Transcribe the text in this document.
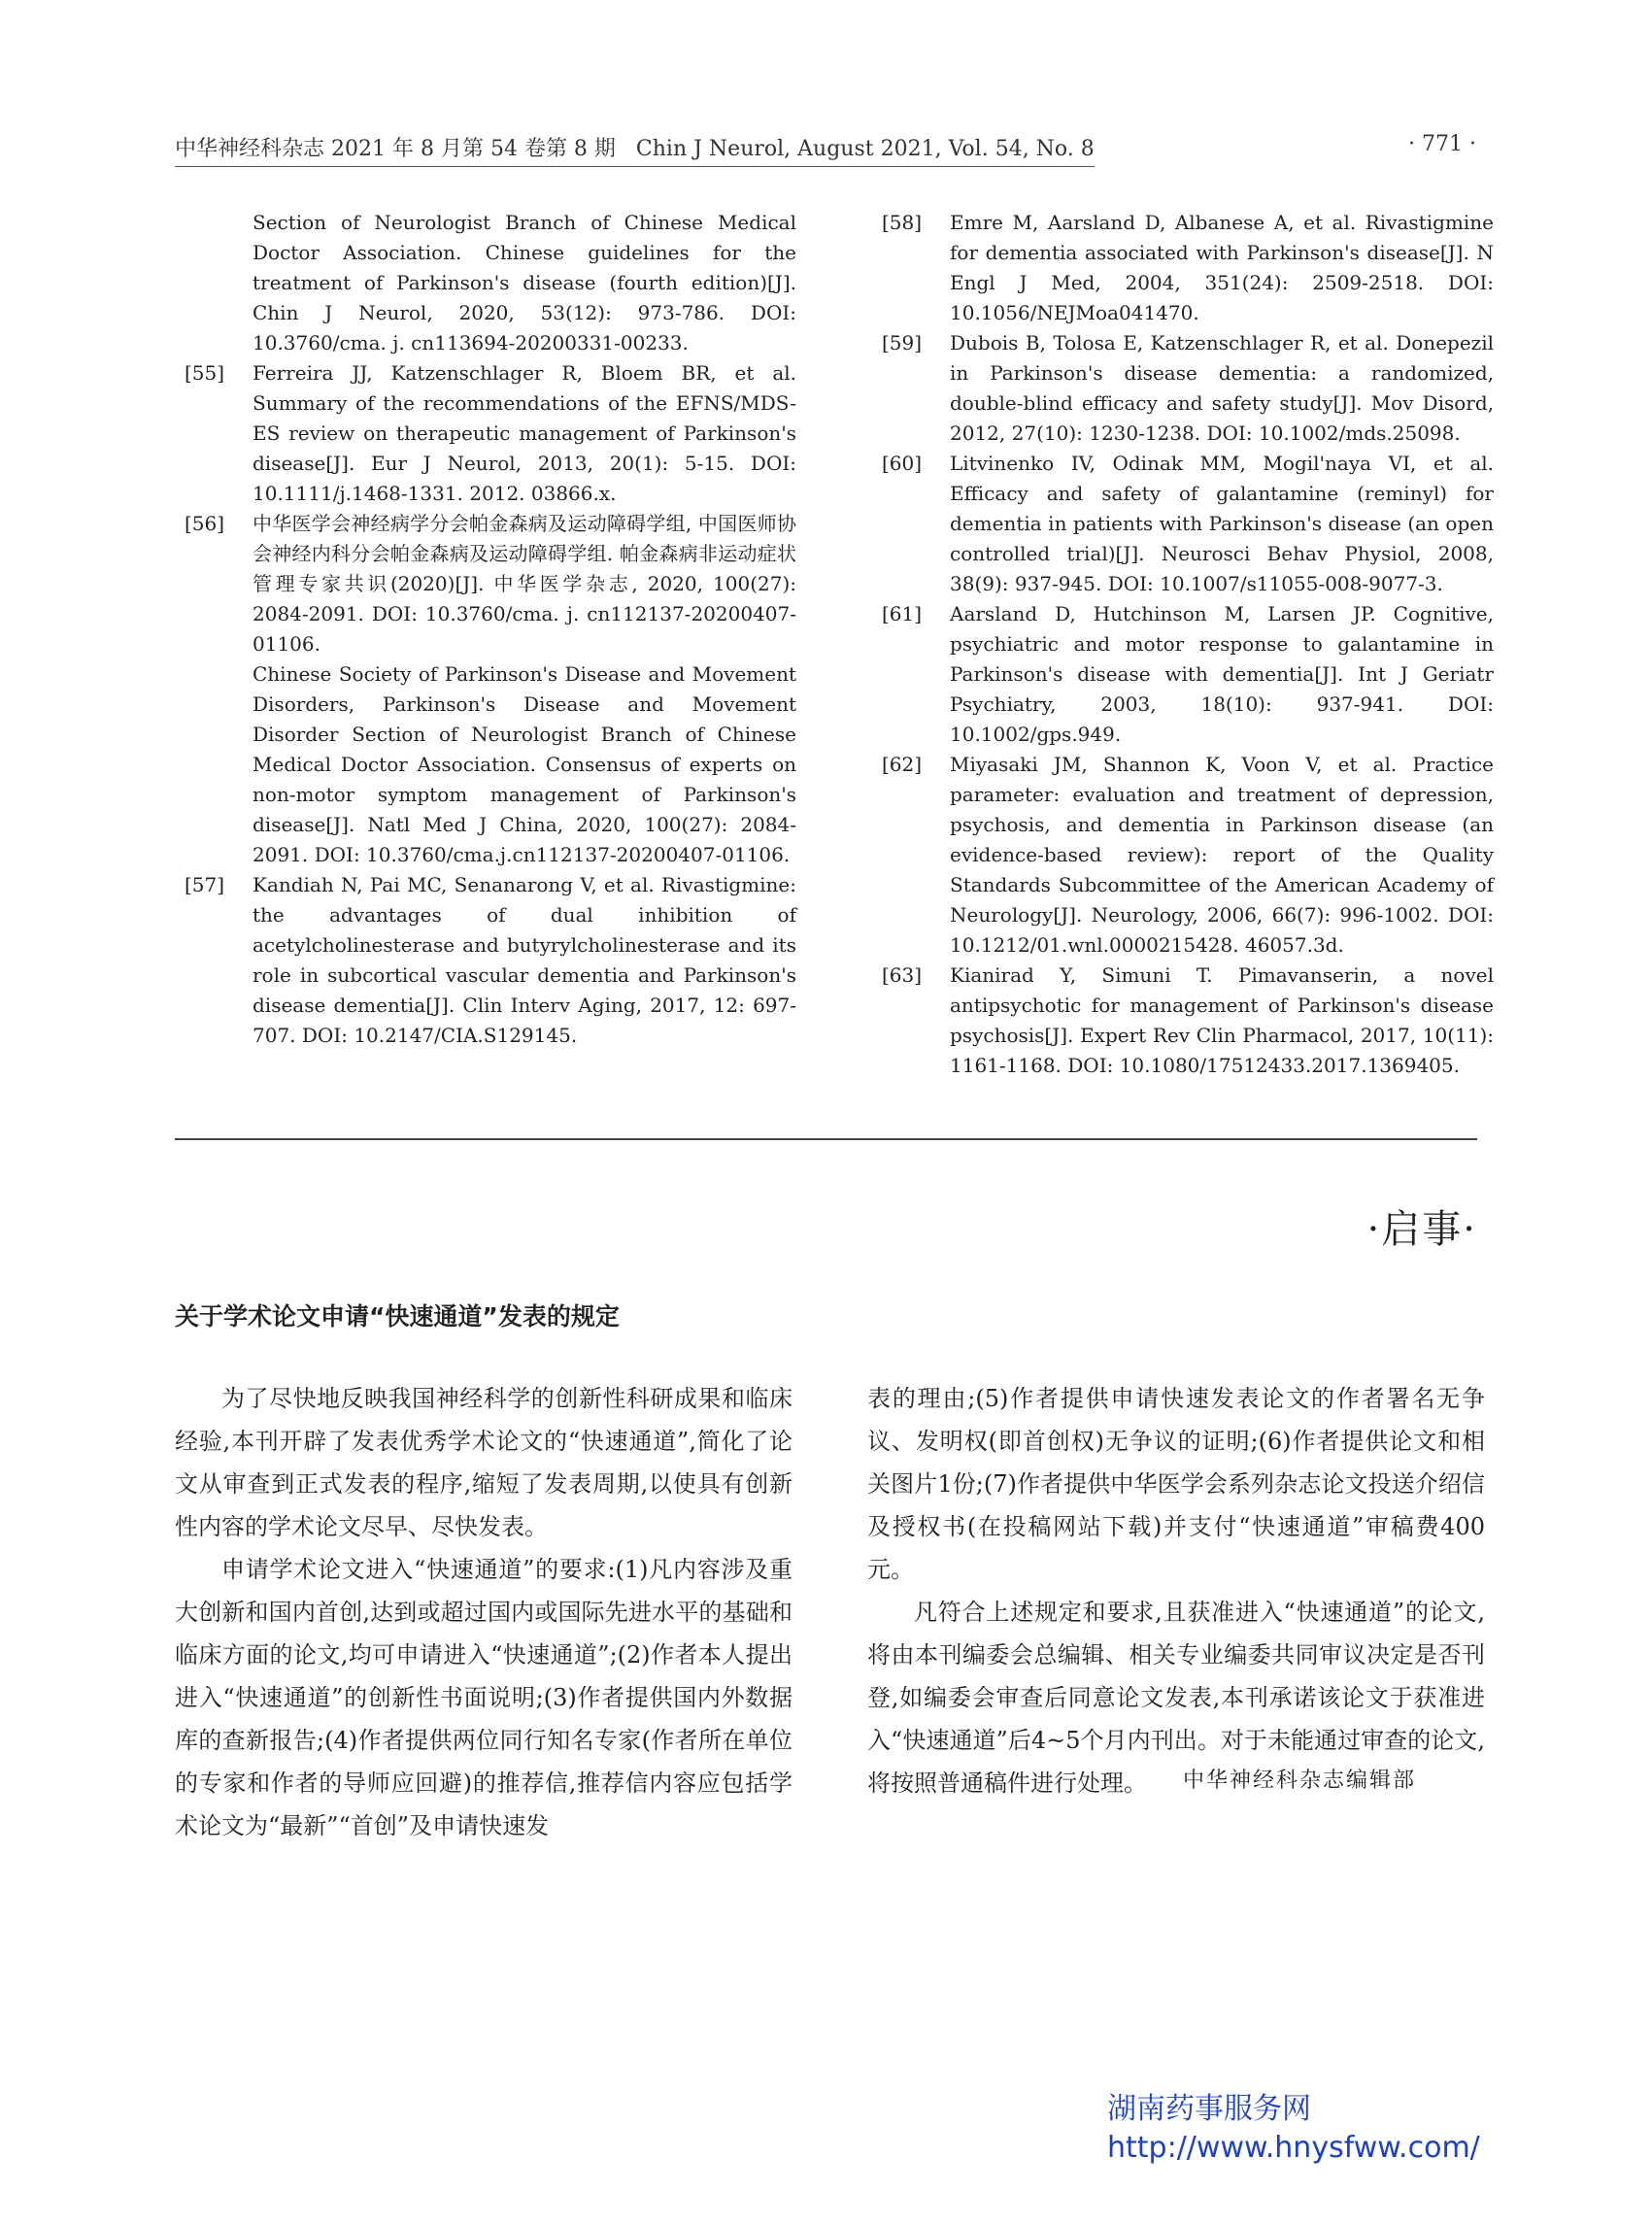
中华神经科杂志 2021 年 8 月第 54 卷第 8 期 Chin J Neurol, August 2021, Vol. 54, No. 8	· 771 ·
Section of Neurologist Branch of Chinese Medical Doctor Association. Chinese guidelines for the treatment of Parkinson's disease (fourth edition)[J]. Chin J Neurol, 2020, 53(12): 973-786. DOI: 10.3760/cma. j. cn113694-20200331-00233.
[55] Ferreira JJ, Katzenschlager R, Bloem BR, et al. Summary of the recommendations of the EFNS/MDS-ES review on therapeutic management of Parkinson's disease[J]. Eur J Neurol, 2013, 20(1): 5-15. DOI: 10.1111/j.1468-1331. 2012. 03866.x.
[56] 中华医学会神经病学分会帕金森病及运动障碍学组, 中国医师协会神经内科分会帕金森病及运动障碍学组. 帕金森病非运动症状管理专家共识(2020)[J]. 中华医学杂志, 2020, 100(27): 2084-2091. DOI: 10.3760/cma. j. cn112137-20200407-01106.
Chinese Society of Parkinson's Disease and Movement Disorders, Parkinson's Disease and Movement Disorder Section of Neurologist Branch of Chinese Medical Doctor Association. Consensus of experts on non-motor symptom management of Parkinson's disease[J]. Natl Med J China, 2020, 100(27): 2084-2091. DOI: 10.3760/cma.j.cn112137-20200407-01106.
[57] Kandiah N, Pai MC, Senanarong V, et al. Rivastigmine: the advantages of dual inhibition of acetylcholinesterase and butyrylcholinesterase and its role in subcortical vascular dementia and Parkinson's disease dementia[J]. Clin Interv Aging, 2017, 12: 697-707. DOI: 10.2147/CIA.S129145.
[58] Emre M, Aarsland D, Albanese A, et al. Rivastigmine for dementia associated with Parkinson's disease[J]. N Engl J Med, 2004, 351(24): 2509-2518. DOI: 10.1056/NEJMoa041470.
[59] Dubois B, Tolosa E, Katzenschlager R, et al. Donepezil in Parkinson's disease dementia: a randomized, double-blind efficacy and safety study[J]. Mov Disord, 2012, 27(10): 1230-1238. DOI: 10.1002/mds.25098.
[60] Litvinenko IV, Odinak MM, Mogil'naya VI, et al. Efficacy and safety of galantamine (reminyl) for dementia in patients with Parkinson's disease (an open controlled trial)[J]. Neurosci Behav Physiol, 2008, 38(9): 937-945. DOI: 10.1007/s11055-008-9077-3.
[61] Aarsland D, Hutchinson M, Larsen JP. Cognitive, psychiatric and motor response to galantamine in Parkinson's disease with dementia[J]. Int J Geriatr Psychiatry, 2003, 18(10): 937-941. DOI: 10.1002/gps.949.
[62] Miyasaki JM, Shannon K, Voon V, et al. Practice parameter: evaluation and treatment of depression, psychosis, and dementia in Parkinson disease (an evidence-based review): report of the Quality Standards Subcommittee of the American Academy of Neurology[J]. Neurology, 2006, 66(7): 996-1002. DOI: 10.1212/01.wnl.0000215428. 46057.3d.
[63] Kianirad Y, Simuni T. Pimavanserin, a novel antipsychotic for management of Parkinson's disease psychosis[J]. Expert Rev Clin Pharmacol, 2017, 10(11): 1161-1168. DOI: 10.1080/17512433.2017.1369405.
·启事·
关于学术论文申请“快速通道”发表的规定

为了尽快地反映我国神经科学的创新性科研成果和临床经验,本刊开辟了发表优秀学术论文的“快速通道”,简化了论文从审查到正式发表的程序,缩短了发表周期,以使具有创新性内容的学术论文尽早、尽快发表。

申请学术论文进入“快速通道”的要求:(1)凡内容涉及重大创新和国内首创,达到或超过国内或国际先进水平的基础和临床方面的论文,均可申请进入“快速通道”;(2)作者本人提出进入“快速通道”的创新性书面说明;(3)作者提供国内外数据库的查新报告;(4)作者提供两位同行知名专家(作者所在单位的专家和作者的导师应回避)的推荐信,推荐信内容应包括学术论文为“最新”“首创”及申请快速发

表的理由;(5)作者提供申请快速发表论文的作者署名无争议、发明权(即首创权)无争议的证明;(6)作者提供论文和相关图片1份;(7)作者提供中华医学会系列杂志论文投送介绍信及授权书(在投稿网站下载)并支付“快速通道”审稿费400元。

凡符合上述规定和要求,且获准进入“快速通道”的论文,将由本刊编委会总编辑、相关专业编委共同审议决定是否刊登,如编委会审查后同意论文发表,本刊承诺该论文于获准进入“快速通道”后4~5个月内刊出。对于未能通过审查的论文,将按照普通稿件进行处理。	中华神经科杂志编辑部
湖南药事服务网
http://www.hnysfww.com/
